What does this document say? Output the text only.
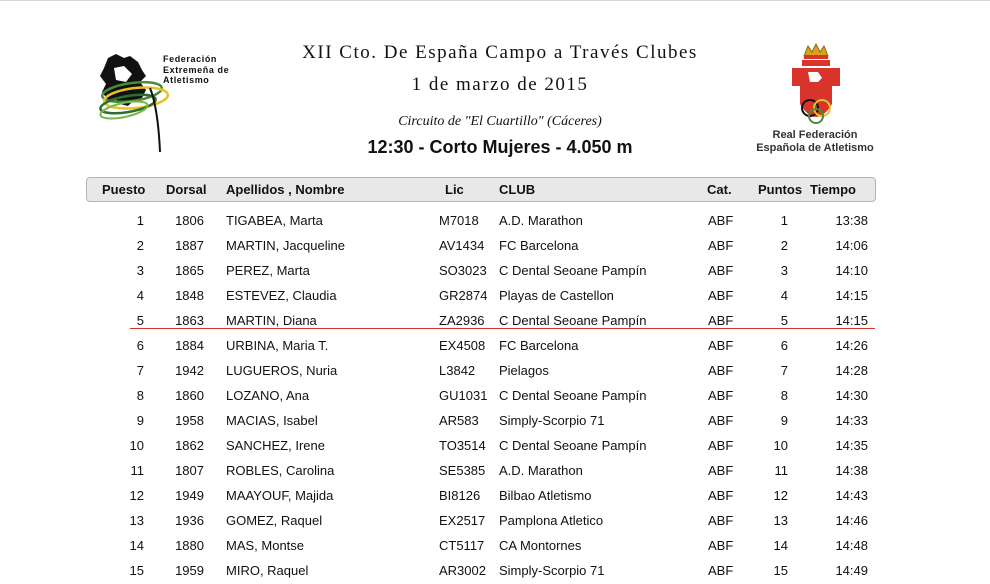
Federación
Extremeña de
Atletismo
XII Cto. De España Campo a Través Clubes
1 de marzo de 2015
Circuito de "El Cuartillo" (Cáceres)
12:30 - Corto Mujeres - 4.050 m
Real Federación
Española de Atletismo
Puesto Dorsal Apellidos , Nombre	Lic	CLUB	Cat. Puntos Tiempo
1	1806 TIGABEA, Marta	M7018 A.D. Marathon	ABF	1	13:38
2	1887 MARTIN, Jacqueline	AV1434 FC Barcelona	ABF	2	14:06
3	1865 PEREZ, Marta	SO3023 C Dental Seoane Pampín	ABF	3	14:10
4	1848 ESTEVEZ, Claudia	GR2874 Playas de Castellon	ABF	4	14:15
5	1863 MARTIN, Diana	ZA2936 C Dental Seoane Pampín	ABF	5	14:15
6	1884 URBINA, Maria T.	EX4508 FC Barcelona	ABF	6	14:26
7	1942 LUGUEROS, Nuria	L3842 Pielagos	ABF	7	14:28
8	1860 LOZANO, Ana	GU1031 C Dental Seoane Pampín	ABF	8	14:30
9	1958 MACIAS, Isabel	AR583 Simply-Scorpio 71	ABF	9	14:33
10	1862 SANCHEZ, Irene	TO3514 C Dental Seoane Pampín	ABF	10	14:35
11	1807 ROBLES, Carolina	SE5385 A.D. Marathon	ABF	11	14:38
12	1949 MAAYOUF, Majida	BI8126 Bilbao Atletismo	ABF	12	14:43
13	1936 GOMEZ, Raquel	EX2517 Pamplona Atletico	ABF	13	14:46
14	1880 MAS, Montse	CT5117 CA Montornes	ABF	14	14:48
15	1959 MIRO, Raquel	AR3002 Simply-Scorpio 71	ABF	15	14:49
